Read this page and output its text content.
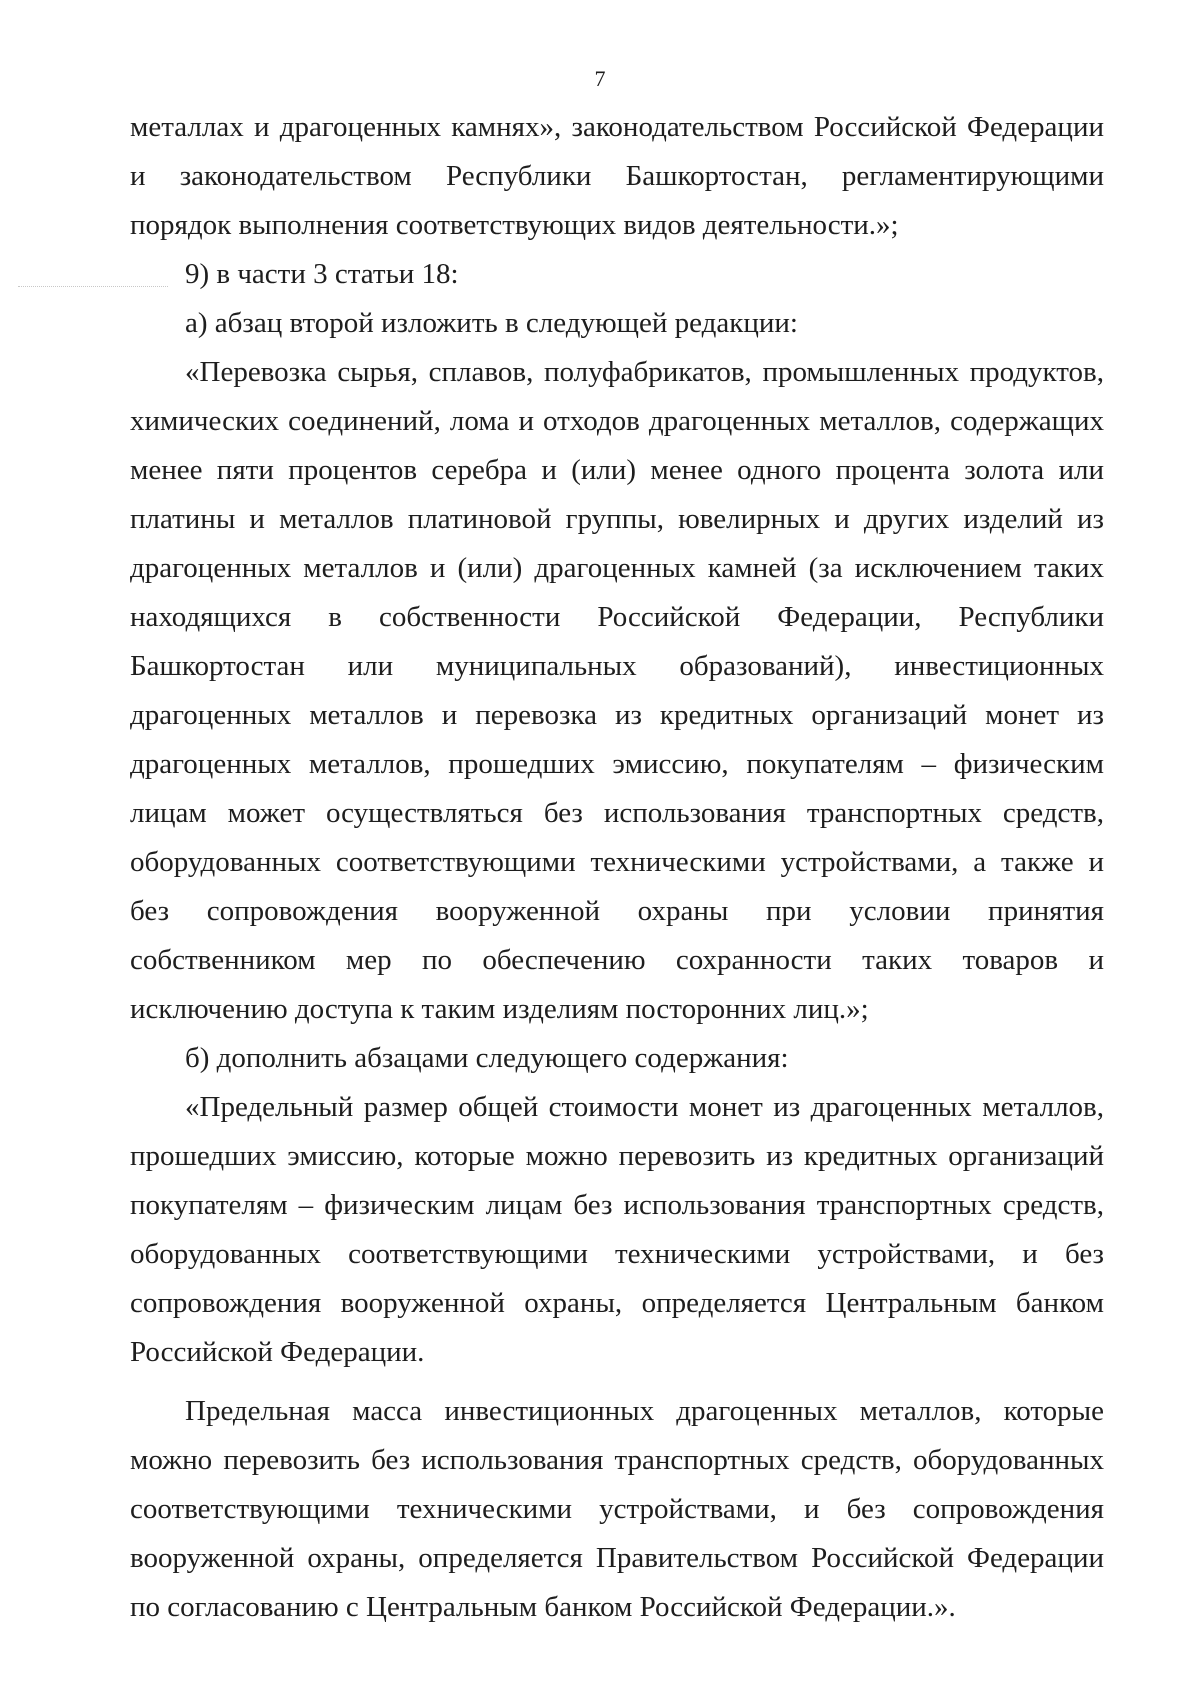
7

металлах и драгоценных камнях», законодательством Российской Федерации и законодательством Республики Башкортостан, регламентирующими порядок выполнения соответствующих видов деятельности.»;

9) в части 3 статьи 18:

а) абзац второй изложить в следующей редакции:

«Перевозка сырья, сплавов, полуфабрикатов, промышленных продуктов, химических соединений, лома и отходов драгоценных металлов, содержащих менее пяти процентов серебра и (или) менее одного процента золота или платины и металлов платиновой группы, ювелирных и других изделий из драгоценных металлов и (или) драгоценных камней (за исключением таких находящихся в собственности Российской Федерации, Республики Башкортостан или муниципальных образований), инвестиционных драгоценных металлов и перевозка из кредитных организаций монет из драгоценных металлов, прошедших эмиссию, покупателям – физическим лицам может осуществляться без использования транспортных средств, оборудованных соответствующими техническими устройствами, а также и без сопровождения вооруженной охраны при условии принятия собственником мер по обеспечению сохранности таких товаров и исключению доступа к таким изделиям посторонних лиц.»;

б) дополнить абзацами следующего содержания:

«Предельный размер общей стоимости монет из драгоценных металлов, прошедших эмиссию, которые можно перевозить из кредитных организаций покупателям – физическим лицам без использования транспортных средств, оборудованных соответствующими техническими устройствами, и без сопровождения вооруженной охраны, определяется Центральным банком Российской Федерации.

Предельная масса инвестиционных драгоценных металлов, которые можно перевозить без использования транспортных средств, оборудованных соответствующими техническими устройствами, и без сопровождения вооруженной охраны, определяется Правительством Российской Федерации по согласованию с Центральным банком Российской Федерации.».
